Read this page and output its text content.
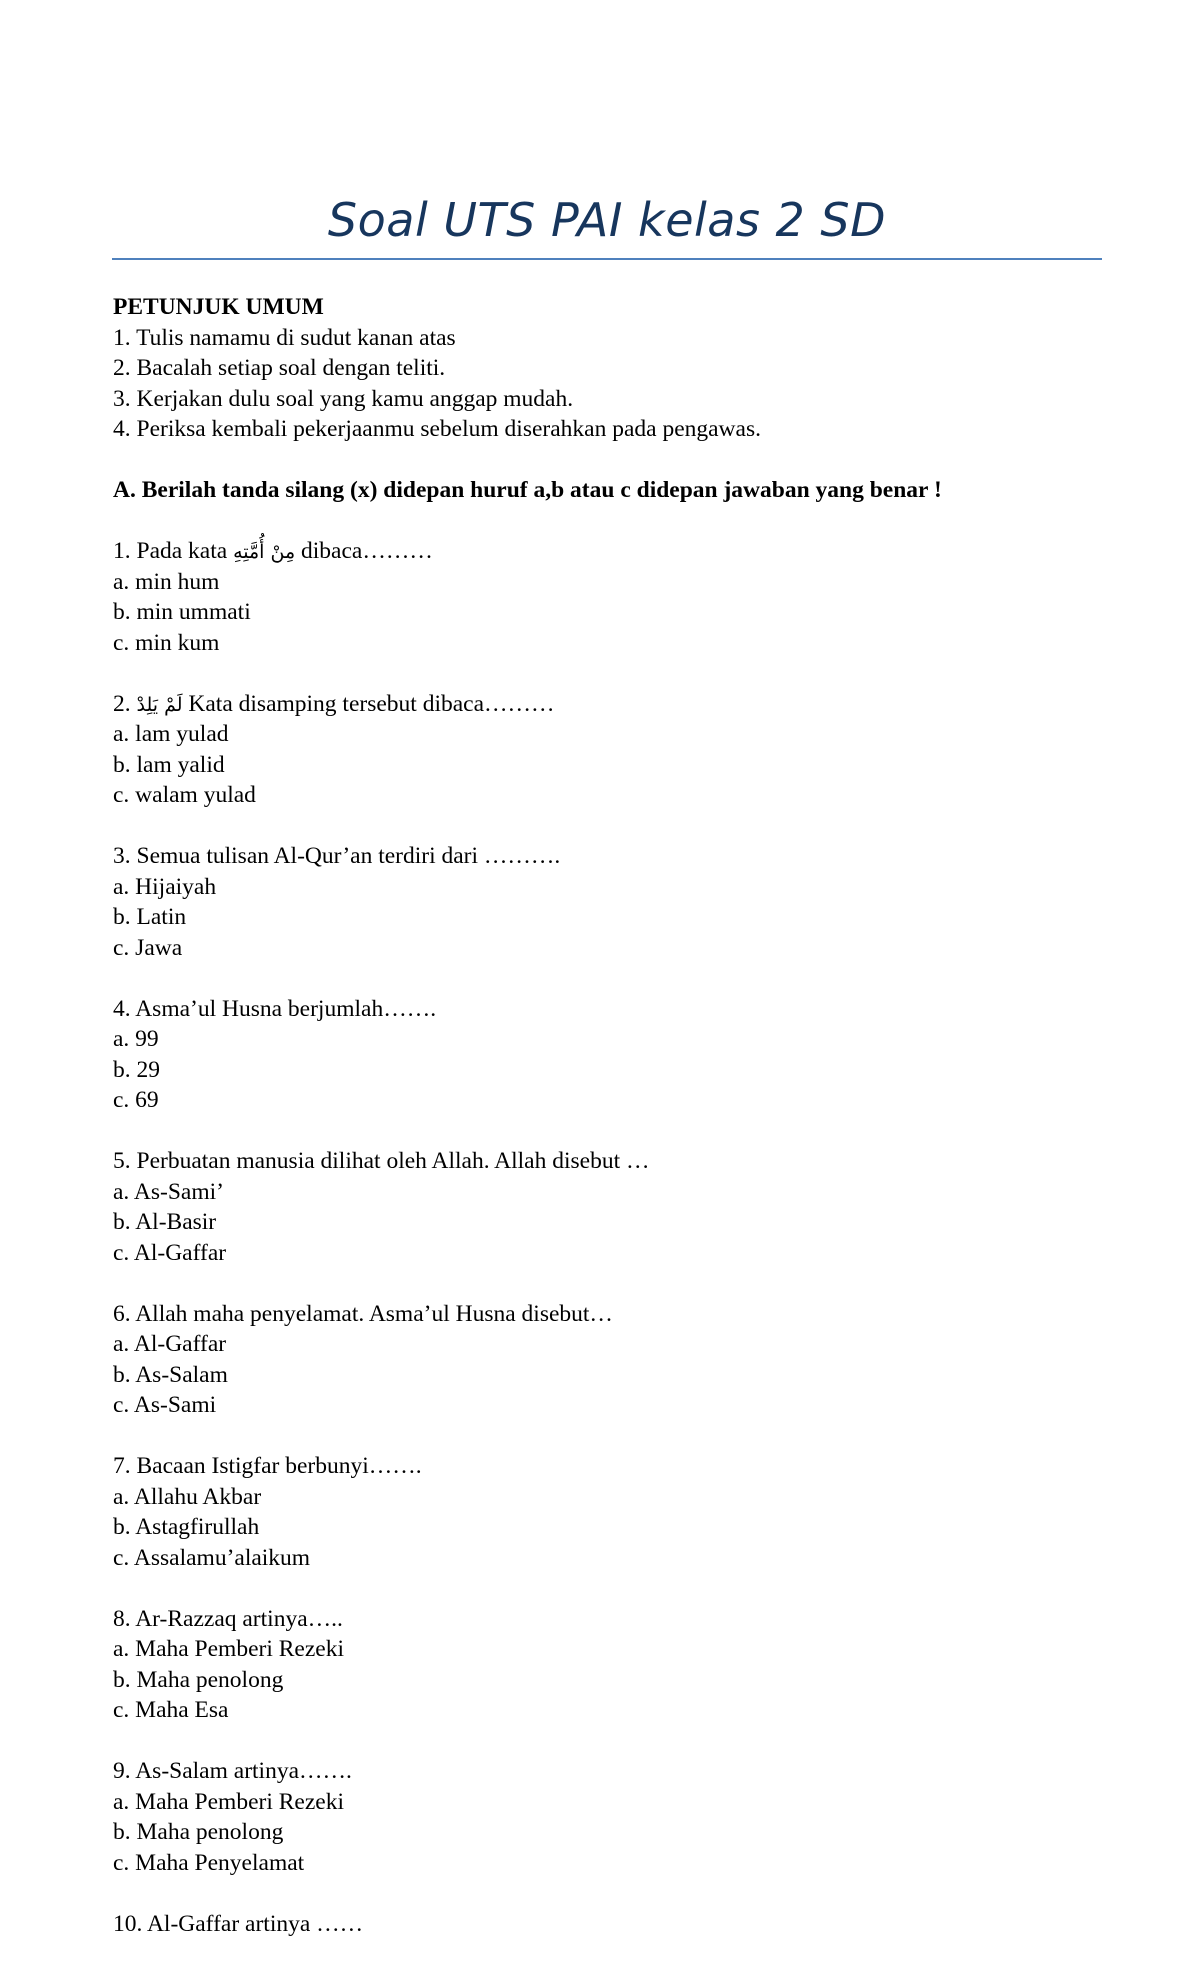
Soal UTS PAI kelas 2 SD
PETUNJUK UMUM
1. Tulis namamu di sudut kanan atas
2. Bacalah setiap soal dengan teliti.
3. Kerjakan dulu soal yang kamu anggap mudah.
4. Periksa kembali pekerjaanmu sebelum diserahkan pada pengawas.
A. Berilah tanda silang (x) didepan huruf a,b atau c didepan jawaban yang benar !
1. Pada kata مِنْ أُمَّتِهِ dibaca………
a. min hum
b. min ummati
c. min kum
2. لَمْ يَلِدْ Kata disamping tersebut dibaca………
a. lam yulad
b. lam yalid
c. walam yulad
3. Semua tulisan Al-Qur’an terdiri dari ……….
a. Hijaiyah
b. Latin
c. Jawa
4. Asma’ul Husna berjumlah…….
a. 99
b. 29
c. 69
5. Perbuatan manusia dilihat oleh Allah. Allah disebut …
a. As-Sami’
b. Al-Basir
c. Al-Gaffar
6. Allah maha penyelamat. Asma’ul Husna disebut…
a. Al-Gaffar
b. As-Salam
c. As-Sami
7. Bacaan Istigfar berbunyi…….
a. Allahu Akbar
b. Astagfirullah
c. Assalamu’alaikum
8. Ar-Razzaq artinya…..
a. Maha Pemberi Rezeki
b. Maha penolong
c. Maha Esa
9. As-Salam artinya…….
a. Maha Pemberi Rezeki
b. Maha penolong
c. Maha Penyelamat
10. Al-Gaffar artinya ……
